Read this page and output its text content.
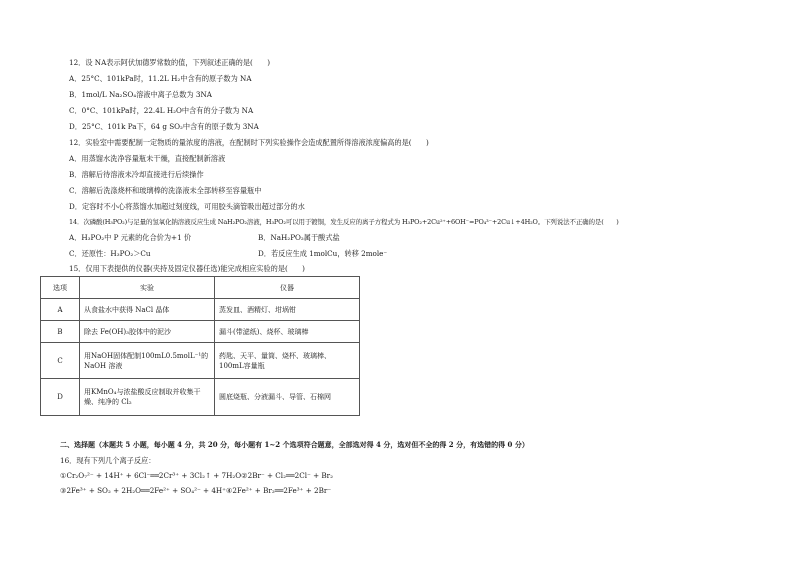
12．设 NA表示阿伏加德罗常数的值，下列叙述正确的是(　　)
A．25°C、101kPa时，11.2L H₂中含有的原子数为 NA
B．1mol/L Na₂SO₄溶液中离子总数为 3NA
C．0°C、101kPa时，22.4L H₂O中含有的分子数为 NA
D．25°C、101k Pa下，64 g SO₂中含有的原子数为 3NA
12．实验室中需要配制一定物质的量浓度的溶液，在配制时下列实验操作会造成配置所得溶液浓度偏高的是(　　)
A．用蒸馏水洗净容量瓶未干燥，直接配制新溶液
B．溶解后待溶液未冷却直接进行后续操作
C．溶解后洗涤烧杯和玻璃棒的洗涤液未全部转移至容量瓶中
D．定容时不小心将蒸馏水加超过刻度线，可用胶头滴管吸出超过部分的水
14．次磷酸(H₃PO₂)与足量的氢氧化钠溶液反应生成 NaH₂PO₂溶液，H₃PO₂可以用于镀铜，发生反应的离子方程式为 H₃PO₂+2Cu²⁺+6OH⁻=PO₄³⁻+2Cu↓+4H₂O。下列说法不正确的是(　　)
A．H₃PO₂中 P 元素的化合价为+1 价	B．NaH₂PO₂属于酸式盐
C．还原性：H₃PO₂＞Cu	D．若反应生成 1molCu，转移 2mole⁻
15．仅用下表提供的仪器(夹持及固定仪器任选)能完成相应实验的是(　　)
选项	实验	仪器
A	从食盐水中获得 NaCl 晶体	蒸发皿、酒精灯、坩埚钳
B	除去 Fe(OH)₃胶体中的泥沙	漏斗(带滤纸)、烧杯、玻璃棒
C	用NaOH固体配制100mL0.5molL⁻¹的NaOH 溶液	药匙、天平、量筒、烧杯、玻璃棒、100mL容量瓶
D	用KMnO₄与浓盐酸反应制取并收集干燥、纯净的 Cl₂	圆底烧瓶、分液漏斗、导管、石棉网
二、选择题（本题共 5 小题，每小题 4 分，共 20 分，每小题有 1~2 个选项符合题意，全部选对得 4 分，选对但不全的得 2 分，有选错的得 0 分）
16．现有下列几个离子反应：
①Cr₂O₇²⁻ + 14H⁺ + 6Cl⁻══2Cr³⁺ + 3Cl₂↑ + 7H₂O②2Br⁻ + Cl₂══2Cl⁻ + Br₂
③2Fe³⁺ + SO₂ + 2H₂O══2Fe²⁺ + SO₄²⁻ + 4H⁺④2Fe²⁺ + Br₂══2Fe³⁺ + 2Br⁻
